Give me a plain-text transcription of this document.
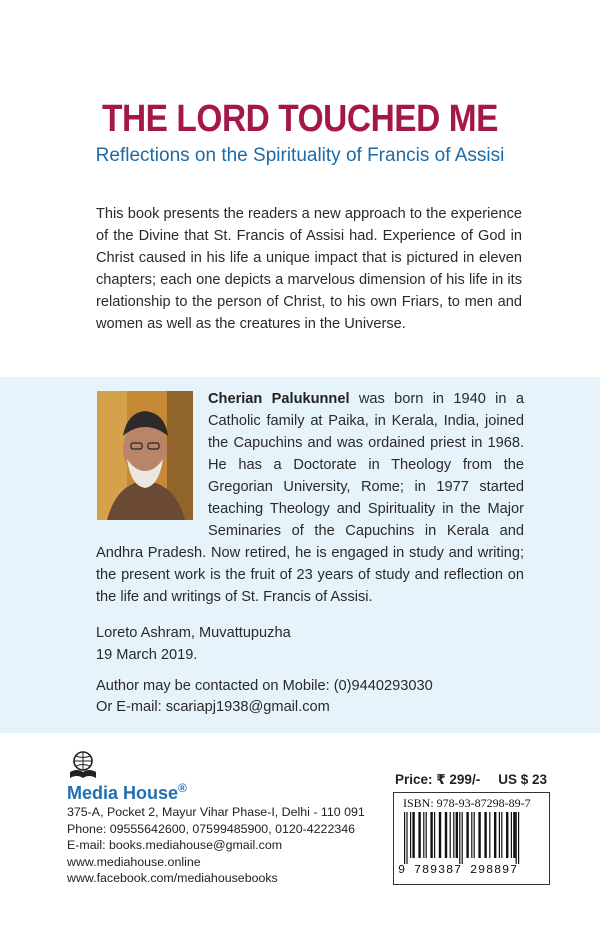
THE LORD TOUCHED ME
Reflections on the Spirituality of Francis of Assisi
This book presents the readers a new approach to the experience of the Divine that St. Francis of Assisi had. Experience of God in Christ caused in his life a unique impact that is pictured in eleven chapters; each one depicts a marvelous dimension of his life in its relationship to the person of Christ, to his own Friars, to men and women as well as the creatures in the Universe.
Cherian Palukunnel was born in 1940 in a Catholic family at Paika, in Kerala, India, joined the Capuchins and was ordained priest in 1968. He has a Doctorate in Theology from the Gregorian University, Rome; in 1977 started teaching Theology and Spirituality in the Major Seminaries of the Capuchins in Kerala and Andhra Pradesh. Now retired, he is engaged in study and writing; the present work is the fruit of 23 years of study and reflection on the life and writings of St. Francis of Assisi.
Loreto Ashram, Muvattupuzha
19 March 2019.
Author may be contacted on Mobile: (0)9440293030
Or E-mail: scariapj1938@gmail.com
Media House®
375-A, Pocket 2, Mayur Vihar Phase-I, Delhi - 110 091
Phone: 09555642600, 07599485900, 0120-4222346
E-mail: books.mediahouse@gmail.com
www.mediahouse.online
www.facebook.com/mediahousebooks
Price: ₹ 299/- US $ 23
ISBN: 978-93-87298-89-7
9 789387 298897
